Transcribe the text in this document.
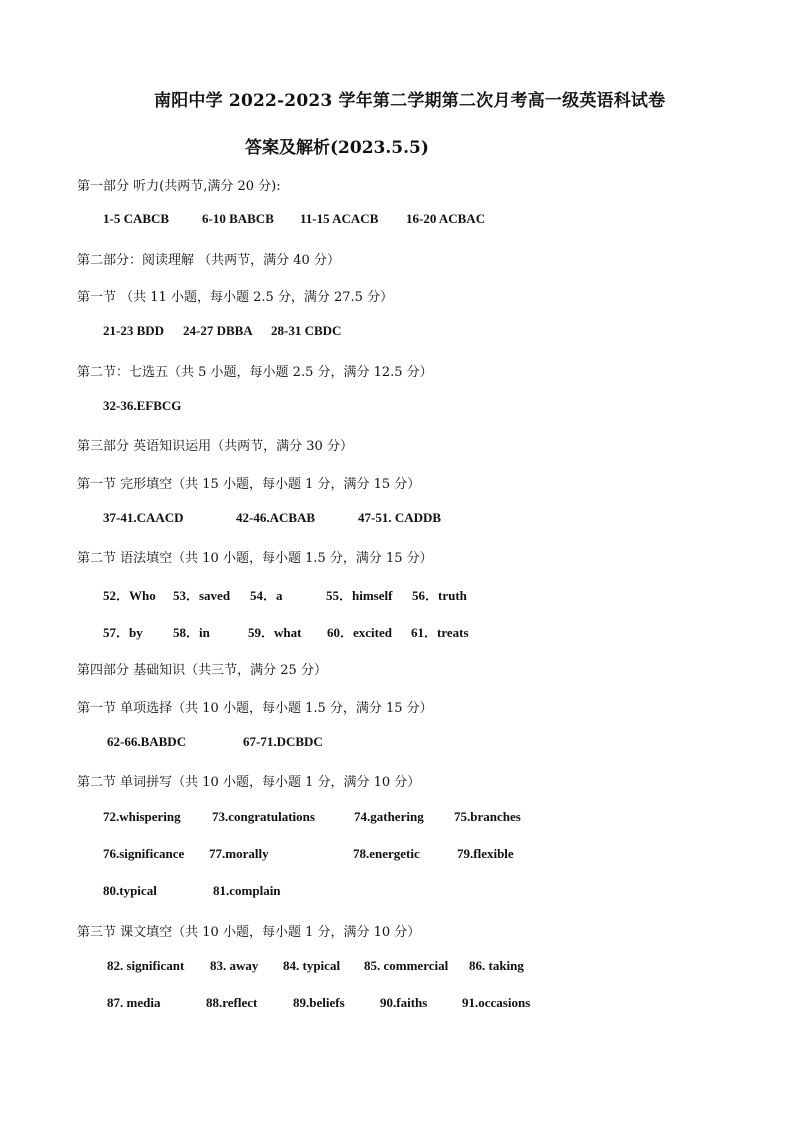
南阳中学 2022-2023 学年第二学期第二次月考高一级英语科试卷
答案及解析(2023.5.5)
第一部分 听力(共两节,满分 20 分):
1-5 CABCB	6-10 BABCB 11-15 ACACB 16-20 ACBAC
第二部分：阅读理解 （共两节，满分 40 分）
第一节 （共 11 小题，每小题 2.5 分，满分 27.5 分）
21-23 BDD 24-27 DBBA 28-31 CBDC
第二节：七选五（共 5 小题，每小题 2.5 分，满分 12.5 分）
32-36.EFBCG
第三部分 英语知识运用（共两节，满分 30 分）
第一节 完形填空（共 15 小题，每小题 1 分，满分 15 分）
37-41.CAACD	42-46.ACBAB	47-51. CADDB
第二节 语法填空（共 10 小题，每小题 1.5 分，满分 15 分）
52．Who 53．saved 54．a	55．himself 56．truth
57．by 58．in	59．what 60．excited 61．treats
第四部分 基础知识（共三节，满分 25 分）
第一节 单项选择（共 10 小题，每小题 1.5 分，满分 15 分）
62-66.BABDC	67-71.DCBDC
第二节 单词拼写（共 10 小题，每小题 1 分，满分 10 分）
72.whispering 73.congratulations	74.gathering 75.branches
76.significance 77.morally	78.energetic	79.flexible
80.typical	81.complain
第三节 课文填空（共 10 小题，每小题 1 分，满分 10 分）
82. significant 83. away 84. typical 85. commercial 86. taking
87. media	88.reflect	89.beliefs	90.faiths	91.occasions
